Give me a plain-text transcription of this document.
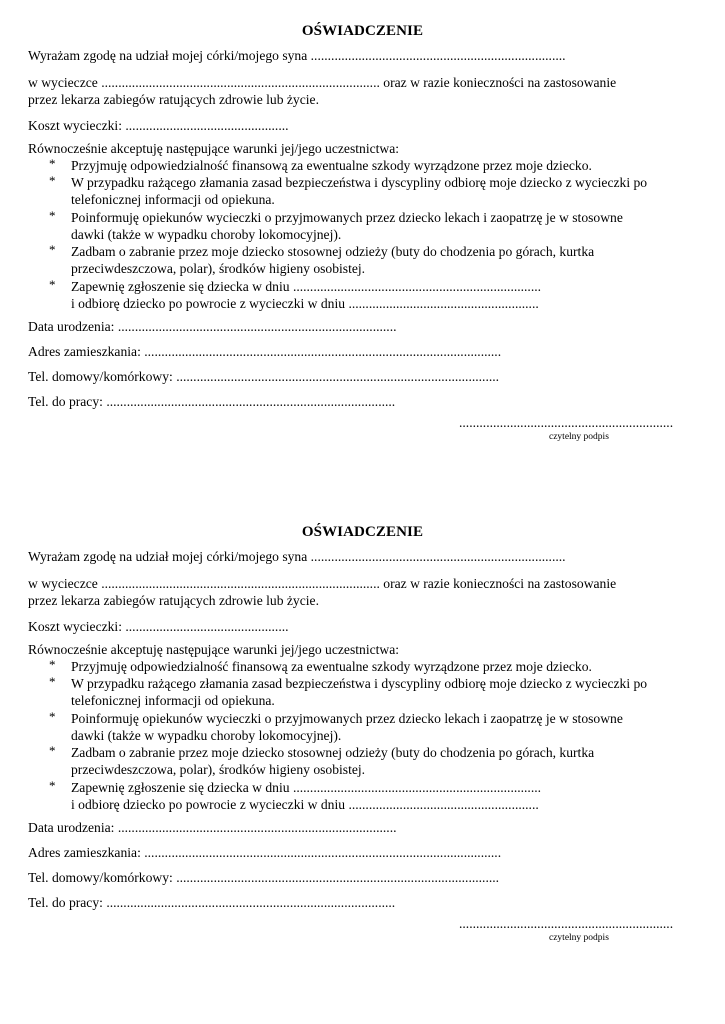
OŚWIADCZENIE
Wyrażam zgodę na udział mojej córki/mojego syna ...........................................................................
w wycieczce .................................................................................. oraz w razie konieczności na zastosowanie
przez lekarza zabiegów ratujących zdrowie lub życie.
Koszt wycieczki: ................................................
Równocześnie akceptuję następujące warunki jej/jego uczestnictwa:
* Przyjmuję odpowiedzialność finansową za ewentualne szkody wyrządzone przez moje dziecko.
* W przypadku rażącego złamania zasad bezpieczeństwa i dyscypliny odbiorę moje dziecko z wycieczki po
telefonicznej informacji od opiekuna.
* Poinformuję opiekunów wycieczki o przyjmowanych przez dziecko lekach i zaopatrzę je w stosowne
dawki (także w wypadku choroby lokomocyjnej).
* Zadbam o zabranie przez moje dziecko stosownej odzieży (buty do chodzenia po górach, kurtka
przeciwdeszczowa, polar), środków higieny osobistej.
* Zapewnię zgłoszenie się dziecka w dniu .........................................................................
i odbiorę dziecko po powrocie z wycieczki w dniu ........................................................
Data urodzenia: ..................................................................................
Adres zamieszkania: .........................................................................................................
Tel. domowy/komórkowy: ...............................................................................................
Tel. do pracy: .....................................................................................
...............................................................
czytelny podpis
OŚWIADCZENIE
Wyrażam zgodę na udział mojej córki/mojego syna ...........................................................................
w wycieczce .................................................................................. oraz w razie konieczności na zastosowanie
przez lekarza zabiegów ratujących zdrowie lub życie.
Koszt wycieczki: ................................................
Równocześnie akceptuję następujące warunki jej/jego uczestnictwa:
* Przyjmuję odpowiedzialność finansową za ewentualne szkody wyrządzone przez moje dziecko.
* W przypadku rażącego złamania zasad bezpieczeństwa i dyscypliny odbiorę moje dziecko z wycieczki po
telefonicznej informacji od opiekuna.
* Poinformuję opiekunów wycieczki o przyjmowanych przez dziecko lekach i zaopatrzę je w stosowne
dawki (także w wypadku choroby lokomocyjnej).
* Zadbam o zabranie przez moje dziecko stosownej odzieży (buty do chodzenia po górach, kurtka
przeciwdeszczowa, polar), środków higieny osobistej.
* Zapewnię zgłoszenie się dziecka w dniu .........................................................................
i odbiorę dziecko po powrocie z wycieczki w dniu ........................................................
Data urodzenia: ..................................................................................
Adres zamieszkania: .........................................................................................................
Tel. domowy/komórkowy: ...............................................................................................
Tel. do pracy: .....................................................................................
...............................................................
czytelny podpis
